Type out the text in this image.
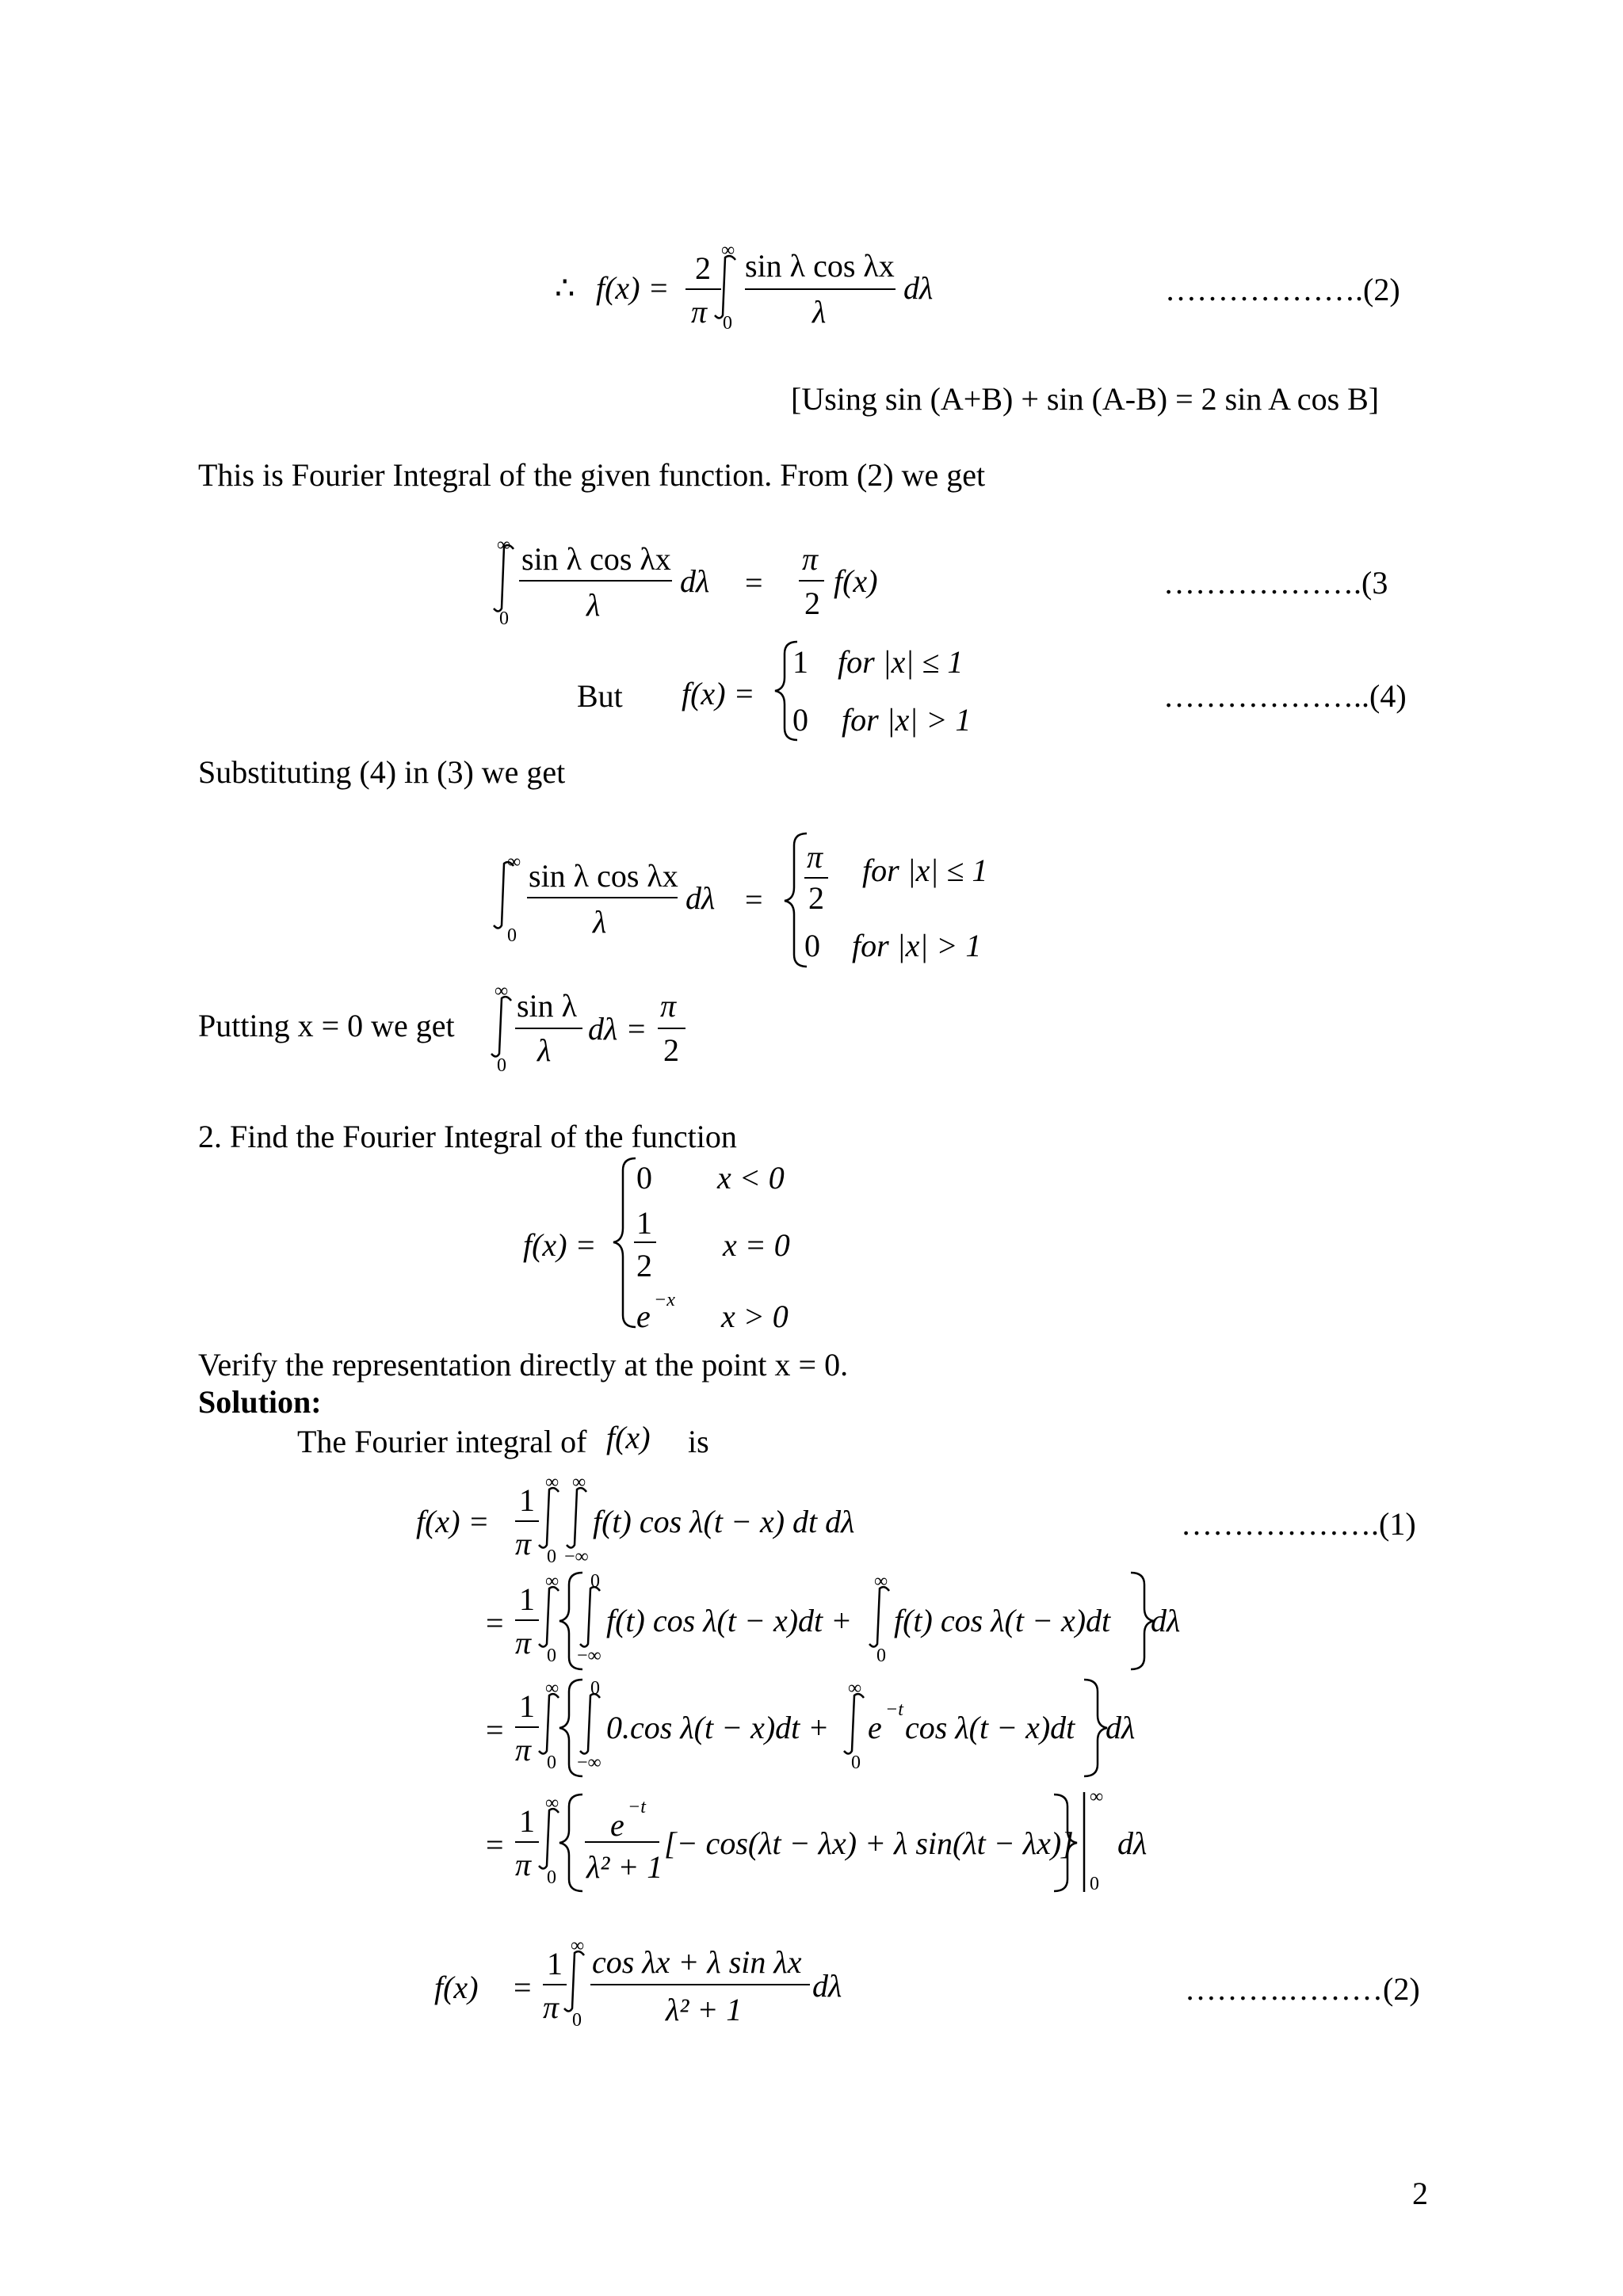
∴ f(x) =
2
π
∞
0
sin λ cos λx
λ
dλ	……………….(2)
[Using sin (A+B) + sin (A-B) = 2 sin A cos B]
This is Fourier Integral of the given function. From (2) we get
∞
0
sin λ cos λx
λ
dλ =
π
2
f(x)	……………….(3
But f(x) =
1 for |x| ≤ 1
0 for |x| > 1
………………..(4)
Substituting (4) in (3) we get
∞
0
sin λ cos λx
λ
dλ =
π
2
for |x| ≤ 1
0 for |x| > 1
Putting x = 0 we get
∞
0
sin λ
λ
dλ =
π
2
2. Find the Fourier Integral of the function
f(x) =
0 x < 0
1
2
x = 0
e −x x > 0
Verify the representation directly at the point x = 0.
Solution:
The Fourier integral of f(x) is
f(x) =
1
π
∞
0
∞
−∞
f(t) cos λ(t − x) dt dλ	……………….(1)
=
1
π
∞
0
0
−∞
f(t) cos λ(t − x)dt +
∞
0
f(t) cos λ(t − x)dt dλ
=
1
π
∞
0
0
−∞
0.cos λ(t − x)dt +
∞
0
e −t cos λ(t − x)dt dλ
=
1
π
∞
0
e −t
λ² + 1
[− cos(λt − λx) + λ sin(λt − λx)]
∞
0
dλ
f(x) =
1
π
∞
0
cos λx + λ sin λx
λ² + 1
dλ	……….………(2)
2
